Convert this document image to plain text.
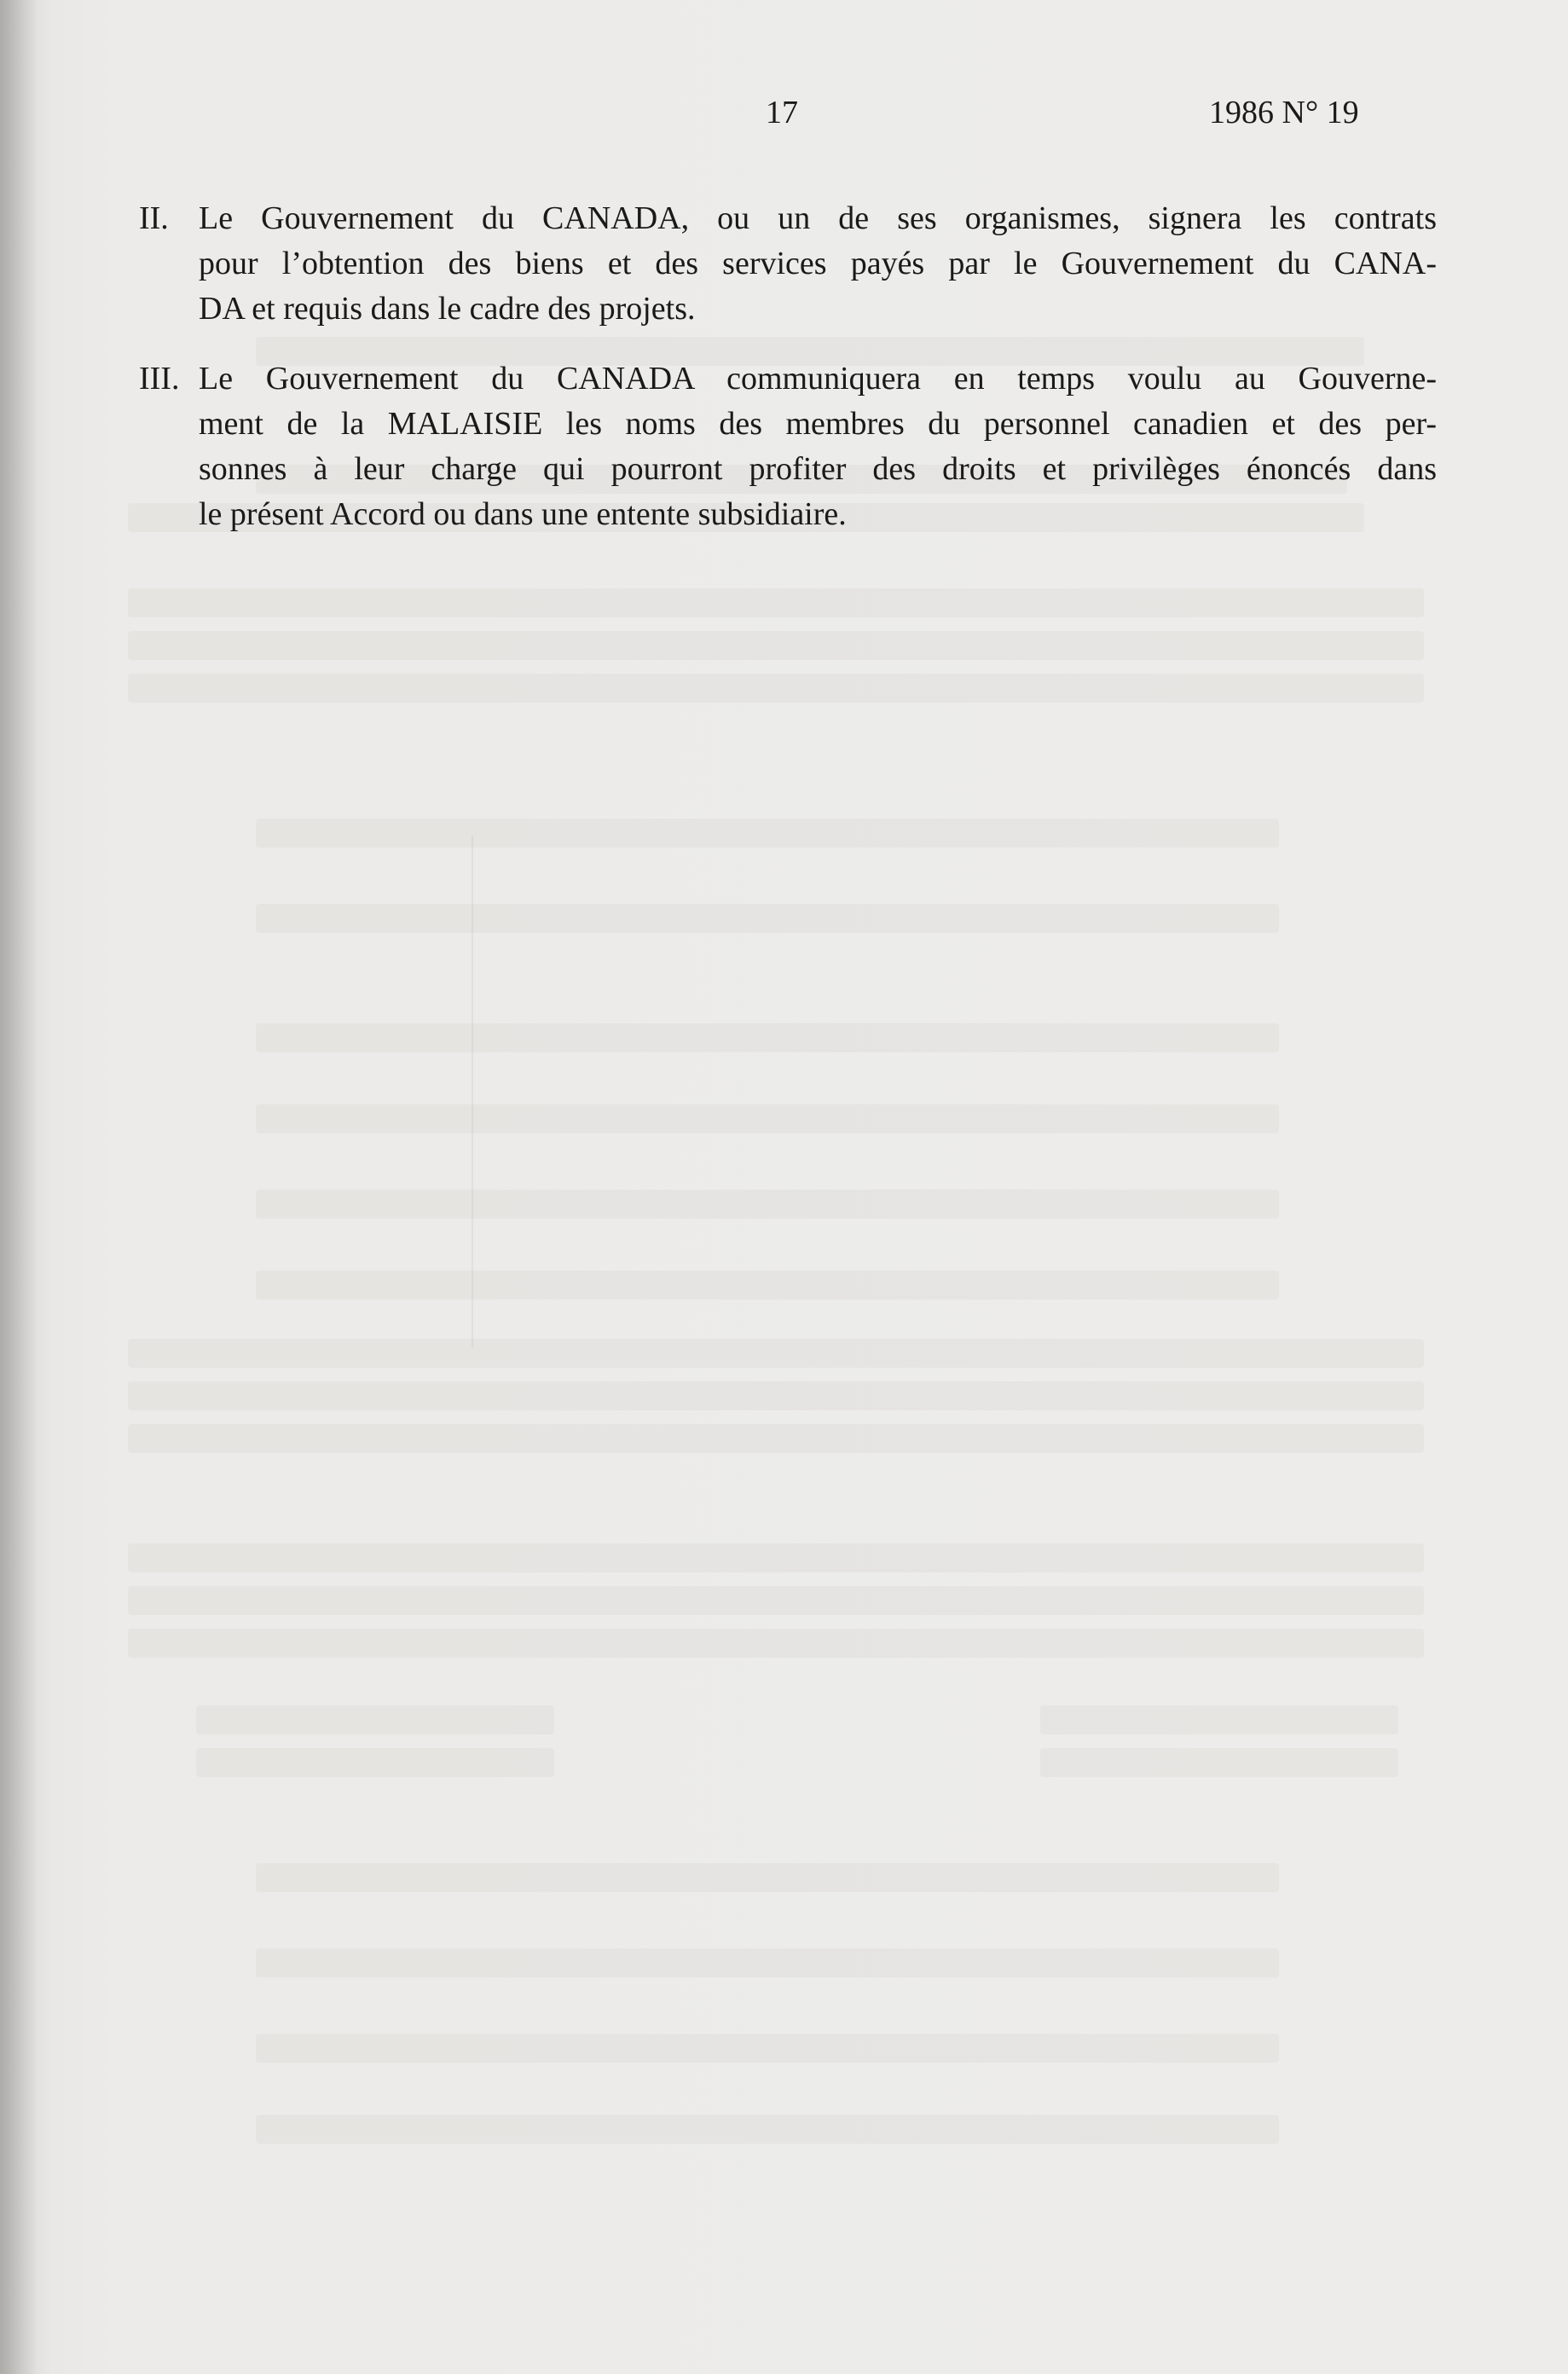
17	1986 N° 19
II. Le Gouvernement du CANADA, ou un de ses organismes, signera les contrats
pour l’obtention des biens et des services payés par le Gouvernement du CANA-
DA et requis dans le cadre des projets.
III. Le Gouvernement du CANADA communiquera en temps voulu au Gouverne-
ment de la MALAISIE les noms des membres du personnel canadien et des per-
sonnes à leur charge qui pourront profiter des droits et privilèges énoncés dans
le présent Accord ou dans une entente subsidiaire.
